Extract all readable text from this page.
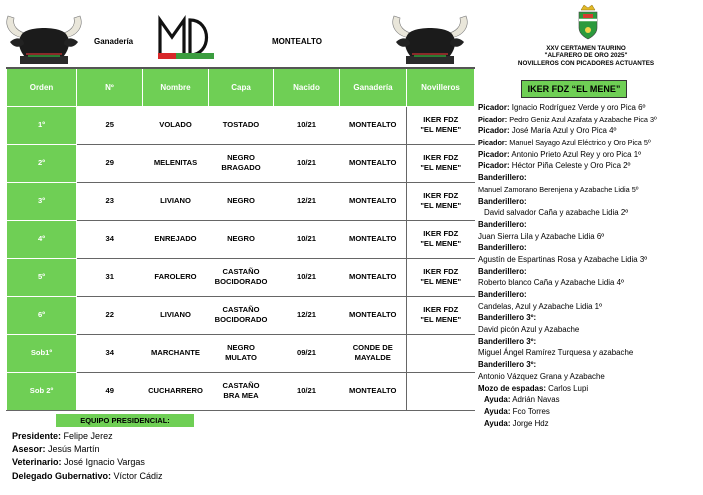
Ganadería	MONTEALTO
XXV CERTAMEN TAURINO
"ALFARERO DE ORO 2025"
NOVILLEROS CON PICADORES ACTUANTES
Orden	Nº	Nombre	Capa	Nacido	Ganadería	Novilleros
1º	25	VOLADO	TOSTADO	10/21	MONTEALTO	IKER FDZ
"EL MENE"
2º	29	MELENITAS	NEGRO
BRAGADO	10/21	MONTEALTO	IKER FDZ
"EL MENE"
3º	23	LIVIANO	NEGRO	12/21	MONTEALTO	IKER FDZ
"EL MENE"
4º	34	ENREJADO	NEGRO	10/21	MONTEALTO	IKER FDZ
"EL MENE"
5º	31	FAROLERO	CASTAÑO
BOCIDORADO	10/21	MONTEALTO	IKER FDZ
"EL MENE"
6º	22	LIVIANO	CASTAÑO
BOCIDORADO	12/21	MONTEALTO	IKER FDZ
"EL MENE"
Sob1º	34	MARCHANTE	NEGRO
MULATO	09/21	CONDE DE
MAYALDE	
Sob 2º	49	CUCHARRERO	CASTAÑO
BRA MEA	10/21	MONTEALTO	
EQUIPO PRESIDENCIAL:
Presidente: Felipe Jerez
Asesor: Jesús Martín
Veterinario: José Ignacio Vargas
Delegado Gubernativo: Víctor Cádiz
IKER FDZ “EL MENE”
Picador: Ignacio Rodríguez Verde y oro Pica 6º
Picador: Pedro Geniz Azul Azafata y Azabache Pica 3º
Picador: José María Azul y Oro Pica 4º
Picador: Manuel Sayago Azul Eléctrico y Oro Pica 5º
Picador: Antonio Prieto Azul Rey y oro Pica 1º
Picador: Héctor Piña Celeste y Oro Pica 2º
Banderillero:
Manuel Zamorano Berenjena y Azabache Lidia 5º
Banderillero:
David salvador Caña y azabache Lidia 2º
Banderillero:
Juan Sierra Lila y Azabache Lidia 6º
Banderillero:
Agustín de Espartinas Rosa y Azabache Lidia 3º
Banderillero:
Roberto blanco Caña y Azabache Lidia 4º
Banderillero:
Candelas, Azul y Azabache Lidia 1º
Banderillero 3º:
David picón Azul y Azabache
Banderillero 3º:
Miguel Ángel Ramírez Turquesa y azabache
Banderillero 3º:
Antonio Vázquez Grana y Azabache
Mozo de espadas: Carlos Lupi
Ayuda: Adrián Navas
Ayuda: Fco Torres
Ayuda: Jorge Hdz
